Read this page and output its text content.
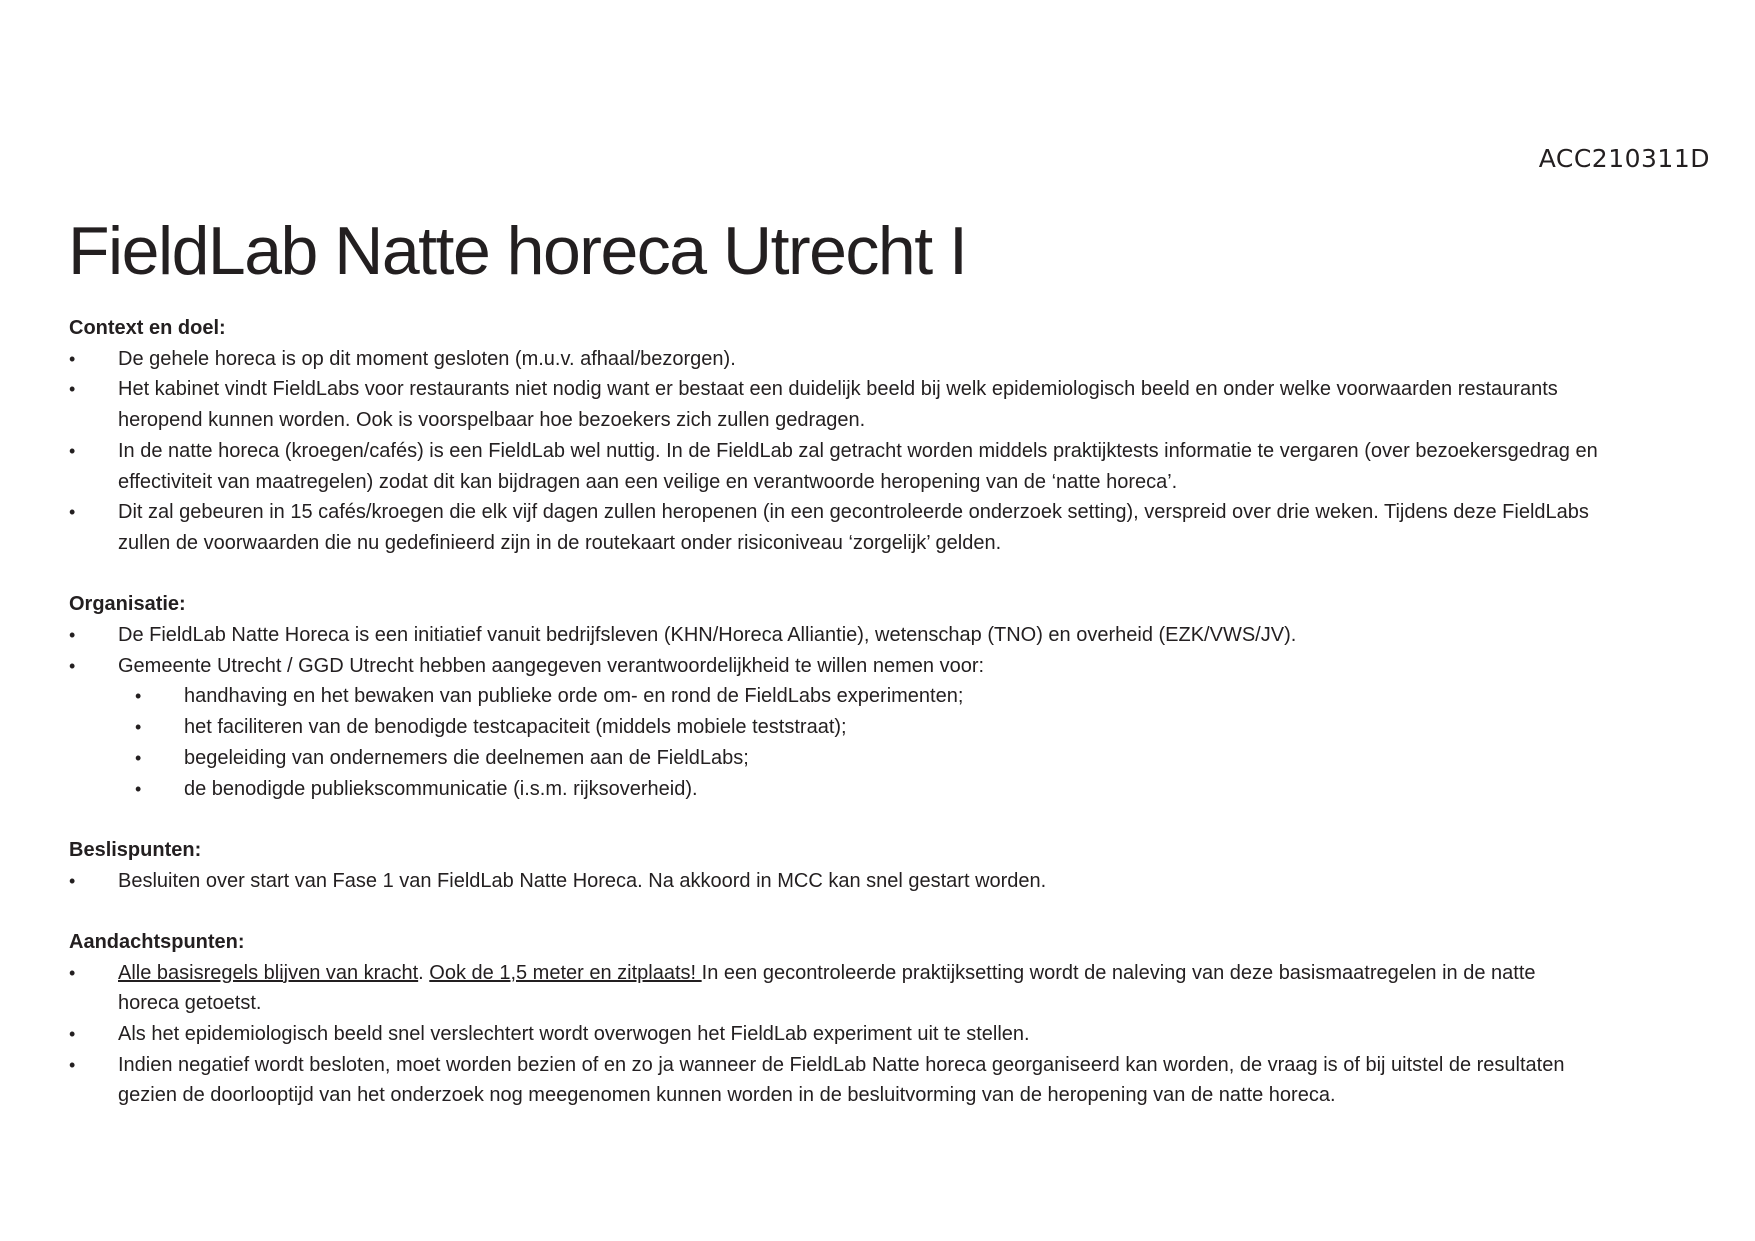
ACC210311D
FieldLab Natte horeca Utrecht I
Context en doel:
• De gehele horeca is op dit moment gesloten (m.u.v. afhaal/bezorgen).
• Het kabinet vindt FieldLabs voor restaurants niet nodig want er bestaat een duidelijk beeld bij welk epidemiologisch beeld en onder welke voorwaarden restaurants
heropend kunnen worden. Ook is voorspelbaar hoe bezoekers zich zullen gedragen.
• In de natte horeca (kroegen/cafés) is een FieldLab wel nuttig. In de FieldLab zal getracht worden middels praktijktests informatie te vergaren (over bezoekersgedrag en
effectiviteit van maatregelen) zodat dit kan bijdragen aan een veilige en verantwoorde heropening van de ‘natte horeca’.
• Dit zal gebeuren in 15 cafés/kroegen die elk vijf dagen zullen heropenen (in een gecontroleerde onderzoek setting), verspreid over drie weken. Tijdens deze FieldLabs
zullen de voorwaarden die nu gedefinieerd zijn in de routekaart onder risiconiveau ‘zorgelijk’ gelden.
Organisatie:
• De FieldLab Natte Horeca is een initiatief vanuit bedrijfsleven (KHN/Horeca Alliantie), wetenschap (TNO) en overheid (EZK/VWS/JV).
• Gemeente Utrecht / GGD Utrecht hebben aangegeven verantwoordelijkheid te willen nemen voor:
• handhaving en het bewaken van publieke orde om- en rond de FieldLabs experimenten;
• het faciliteren van de benodigde testcapaciteit (middels mobiele teststraat);
• begeleiding van ondernemers die deelnemen aan de FieldLabs;
• de benodigde publiekscommunicatie (i.s.m. rijksoverheid).
Beslispunten:
• Besluiten over start van Fase 1 van FieldLab Natte Horeca. Na akkoord in MCC kan snel gestart worden.
Aandachtspunten:
• Alle basisregels blijven van kracht. Ook de 1,5 meter en zitplaats! In een gecontroleerde praktijksetting wordt de naleving van deze basismaatregelen in de natte
horeca getoetst.
• Als het epidemiologisch beeld snel verslechtert wordt overwogen het FieldLab experiment uit te stellen.
• Indien negatief wordt besloten, moet worden bezien of en zo ja wanneer de FieldLab Natte horeca georganiseerd kan worden, de vraag is of bij uitstel de resultaten
gezien de doorlooptijd van het onderzoek nog meegenomen kunnen worden in de besluitvorming van de heropening van de natte horeca.
